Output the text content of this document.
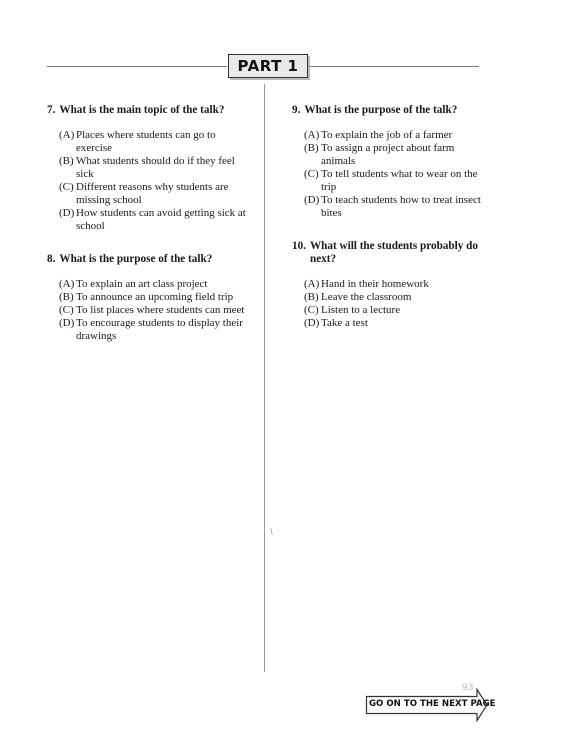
PART 1
7. What is the main topic of the talk?
(A) Places where students can go to exercise
(B) What students should do if they feel sick
(C) Different reasons why students are missing school
(D) How students can avoid getting sick at school
8. What is the purpose of the talk?
(A) To explain an art class project
(B) To announce an upcoming field trip
(C) To list places where students can meet
(D) To encourage students to display their drawings
9. What is the purpose of the talk?
(A) To explain the job of a farmer
(B) To assign a project about farm animals
(C) To tell students what to wear on the trip
(D) To teach students how to treat insect bites
10. What will the students probably do next?
(A) Hand in their homework
(B) Leave the classroom
(C) Listen to a lecture
(D) Take a test
93
GO ON TO THE NEXT PAGE
